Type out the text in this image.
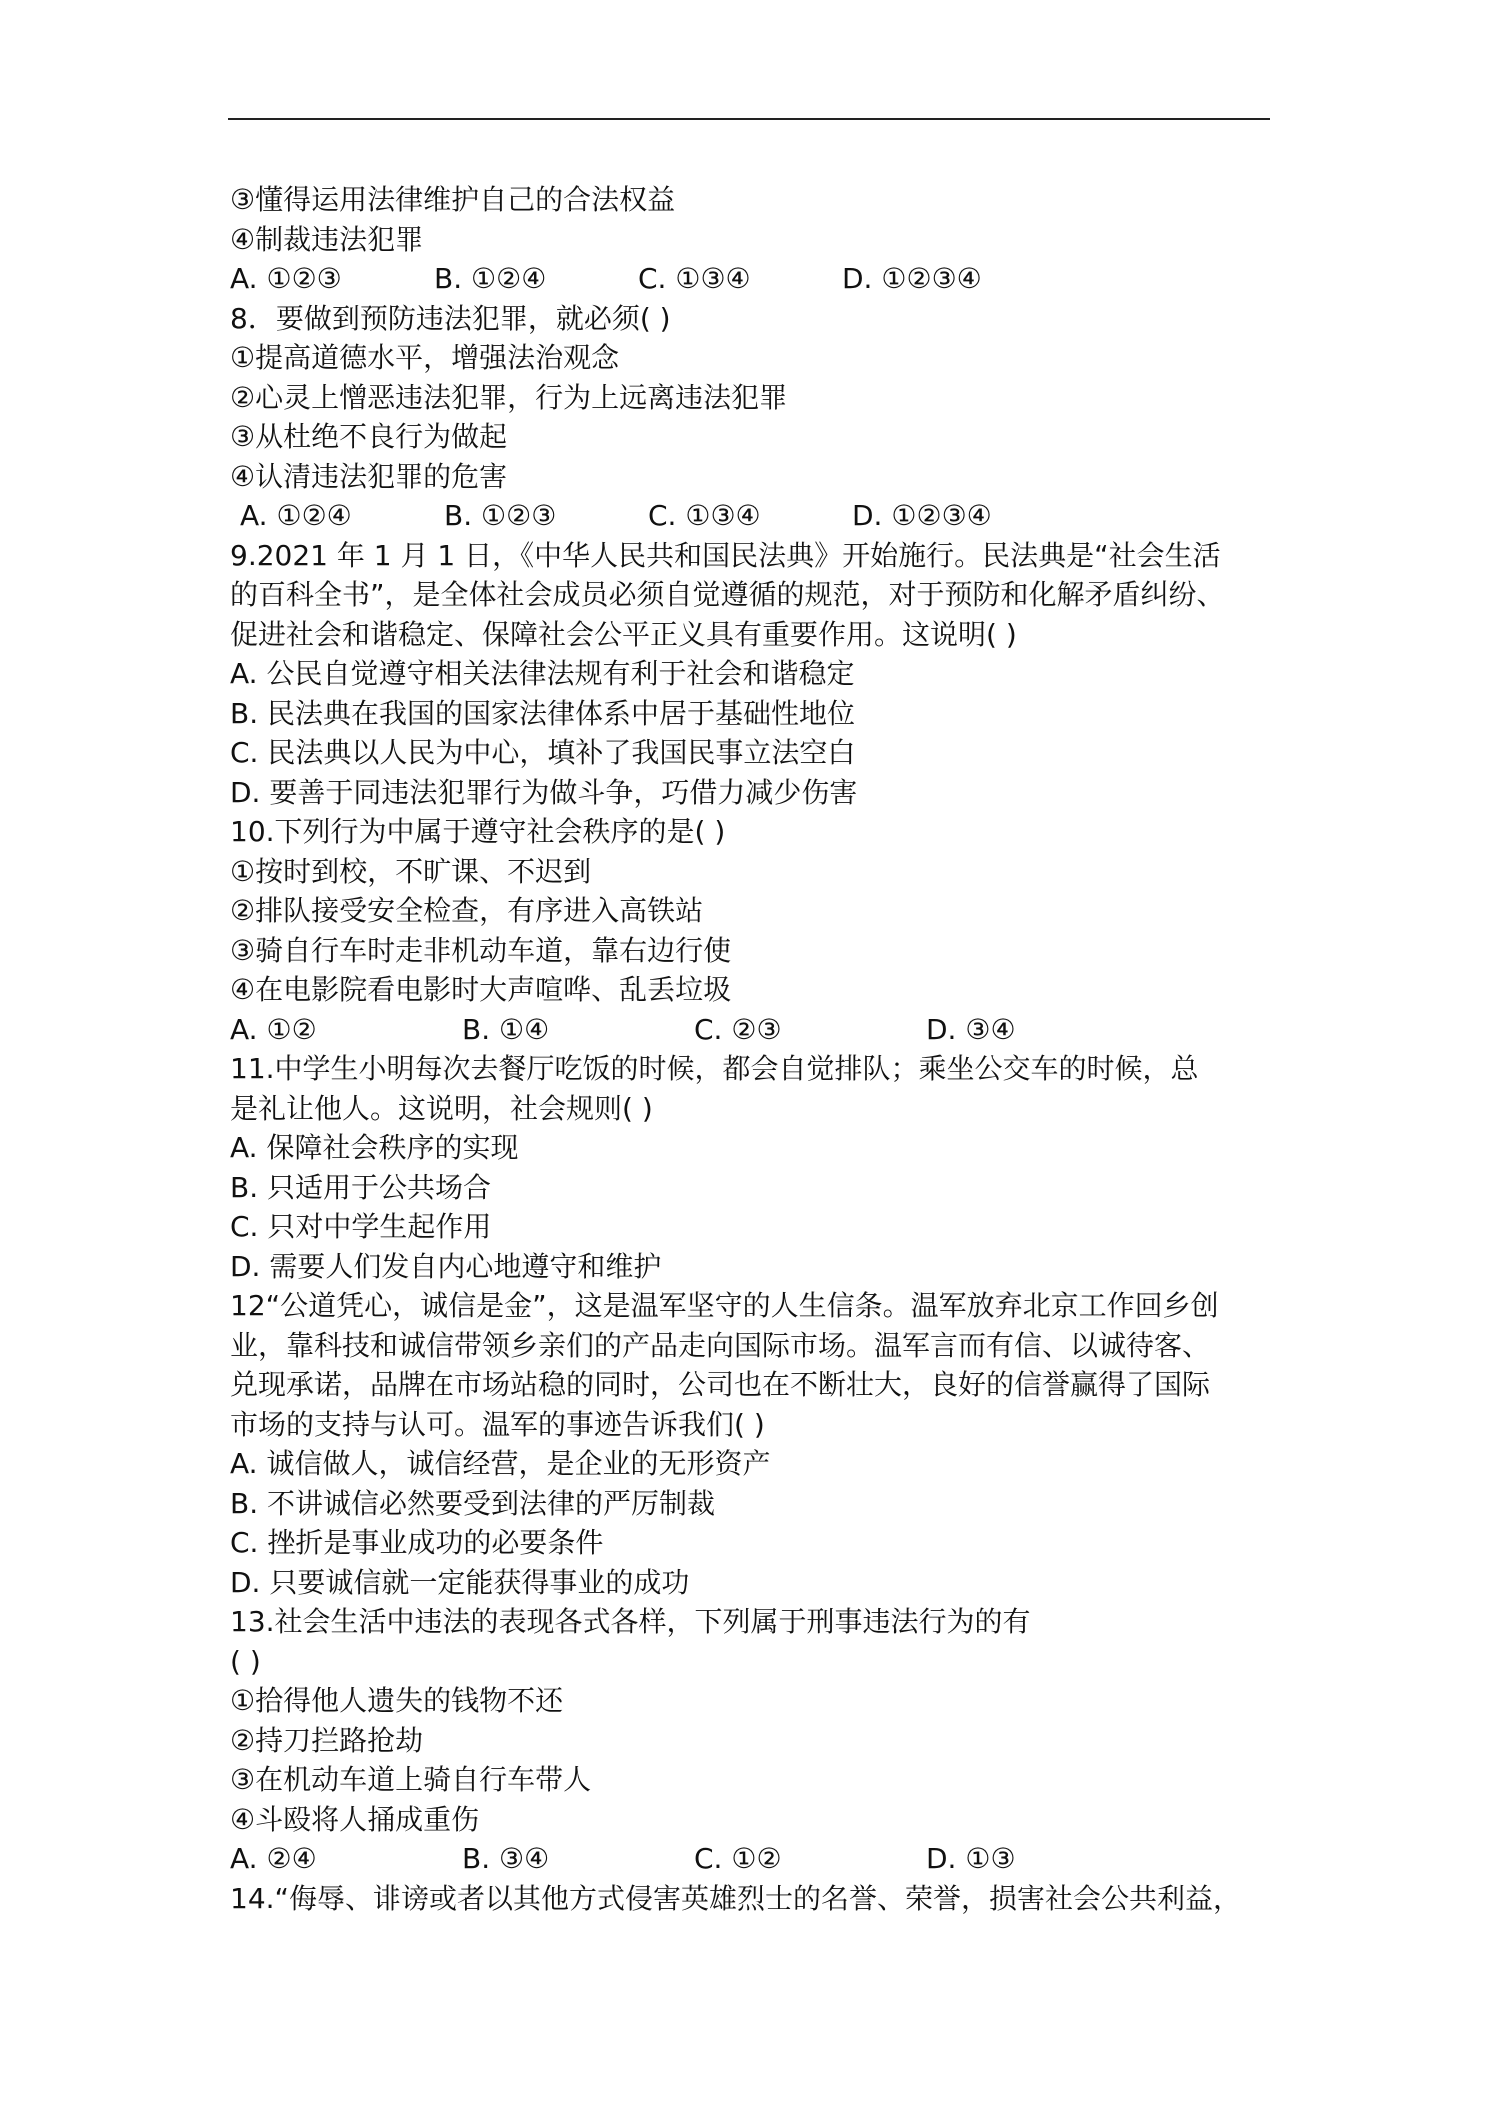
③懂得运用法律维护自己的合法权益
④制裁违法犯罪
A. ①②③	B. ①②④	C. ①③④	D. ①②③④
8．要做到预防违法犯罪，就必须( )
①提高道德水平，增强法治观念
②心灵上憎恶违法犯罪，行为上远离违法犯罪
③从杜绝不良行为做起
④认清违法犯罪的危害
A. ①②④	B. ①②③	C. ①③④	D. ①②③④
9.2021 年 1 月 1 日，《中华人民共和国民法典》开始施行。民法典是“社会生活
的百科全书”，是全体社会成员必须自觉遵循的规范，对于预防和化解矛盾纠纷、
促进社会和谐稳定、保障社会公平正义具有重要作用。这说明( )
A. 公民自觉遵守相关法律法规有利于社会和谐稳定
B. 民法典在我国的国家法律体系中居于基础性地位
C. 民法典以人民为中心，填补了我国民事立法空白
D. 要善于同违法犯罪行为做斗争，巧借力减少伤害
10.下列行为中属于遵守社会秩序的是( )
①按时到校，不旷课、不迟到
②排队接受安全检查，有序进入高铁站
③骑自行车时走非机动车道，靠右边行使
④在电影院看电影时大声喧哗、乱丢垃圾
A. ①②	B. ①④	C. ②③	D. ③④
11.中学生小明每次去餐厅吃饭的时候，都会自觉排队；乘坐公交车的时候，总
是礼让他人。这说明，社会规则( )
A. 保障社会秩序的实现
B. 只适用于公共场合
C. 只对中学生起作用
D. 需要人们发自内心地遵守和维护
12“公道凭心，诚信是金”，这是温军坚守的人生信条。温军放弃北京工作回乡创
业，靠科技和诚信带领乡亲们的产品走向国际市场。温军言而有信、以诚待客、
兑现承诺，品牌在市场站稳的同时，公司也在不断壮大，良好的信誉赢得了国际
市场的支持与认可。温军的事迹告诉我们( )
A. 诚信做人，诚信经营，是企业的无形资产
B. 不讲诚信必然要受到法律的严厉制裁
C. 挫折是事业成功的必要条件
D. 只要诚信就一定能获得事业的成功
13.社会生活中违法的表现各式各样，下列属于刑事违法行为的有
( )
①拾得他人遗失的钱物不还
②持刀拦路抢劫
③在机动车道上骑自行车带人
④斗殴将人捅成重伤
A. ②④	B. ③④	C. ①②	D. ①③
14.“侮辱、诽谤或者以其他方式侵害英雄烈士的名誉、荣誉，损害社会公共利益，
